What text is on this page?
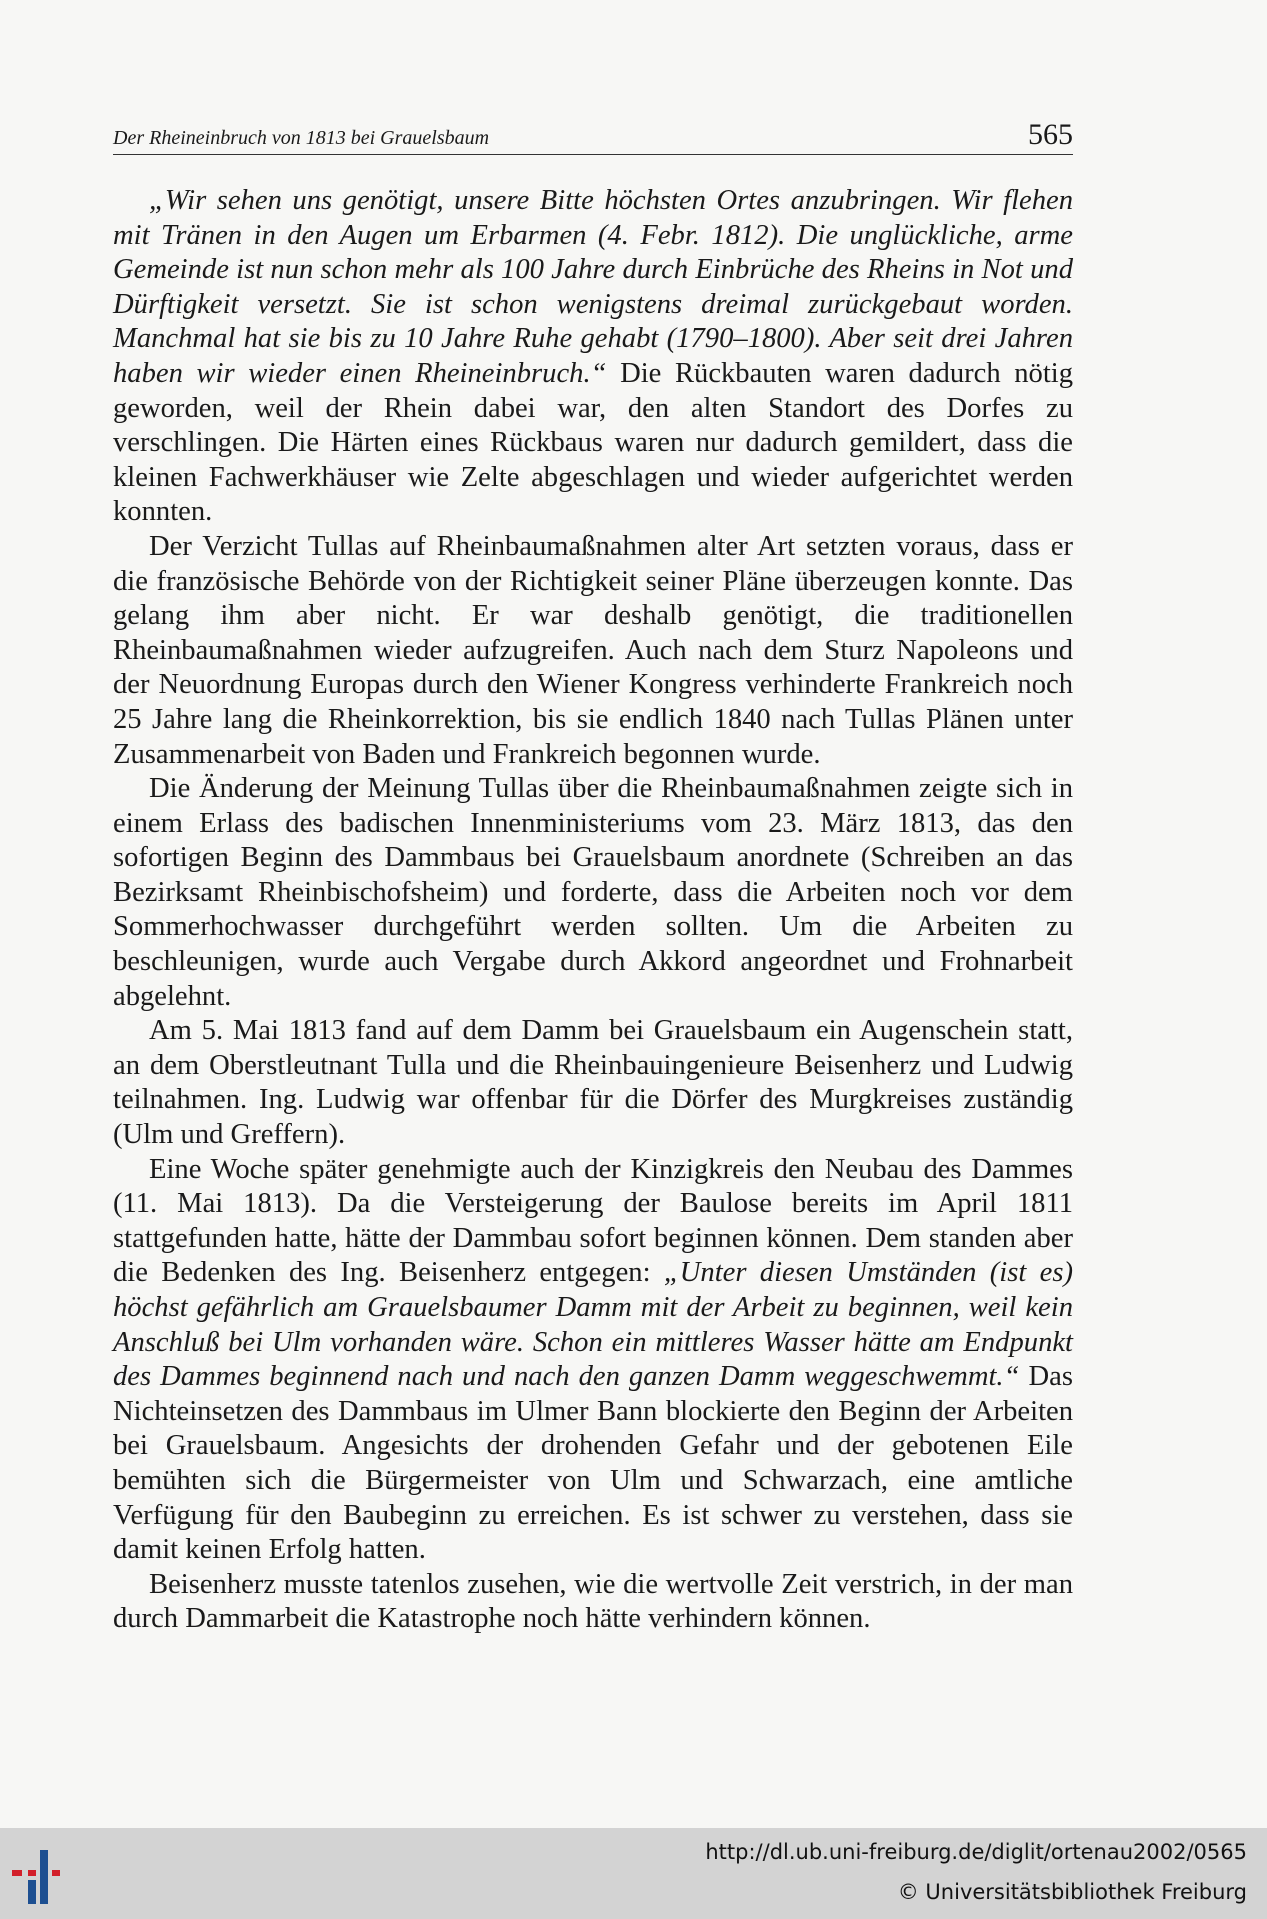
Der Rheineinbruch von 1813 bei Grauelsbaum	565

„Wir sehen uns genötigt, unsere Bitte höchsten Ortes anzubringen. Wir flehen mit Tränen in den Augen um Erbarmen (4. Febr. 1812). Die unglückliche, arme Gemeinde ist nun schon mehr als 100 Jahre durch Einbrüche des Rheins in Not und Dürftigkeit versetzt. Sie ist schon wenigstens dreimal zurückgebaut worden. Manchmal hat sie bis zu 10 Jahre Ruhe gehabt (1790–1800). Aber seit drei Jahren haben wir wieder einen Rheineinbruch.“ Die Rückbauten waren dadurch nötig geworden, weil der Rhein dabei war, den alten Standort des Dorfes zu verschlingen. Die Härten eines Rückbaus waren nur dadurch gemildert, dass die kleinen Fachwerkhäuser wie Zelte abgeschlagen und wieder aufgerichtet werden konnten.

Der Verzicht Tullas auf Rheinbaumaßnahmen alter Art setzten voraus, dass er die französische Behörde von der Richtigkeit seiner Pläne überzeugen konnte. Das gelang ihm aber nicht. Er war deshalb genötigt, die traditionellen Rheinbaumaßnahmen wieder aufzugreifen. Auch nach dem Sturz Napoleons und der Neuordnung Europas durch den Wiener Kongress verhinderte Frankreich noch 25 Jahre lang die Rheinkorrektion, bis sie endlich 1840 nach Tullas Plänen unter Zusammenarbeit von Baden und Frankreich begonnen wurde.

Die Änderung der Meinung Tullas über die Rheinbaumaßnahmen zeigte sich in einem Erlass des badischen Innenministeriums vom 23. März 1813, das den sofortigen Beginn des Dammbaus bei Grauelsbaum anordnete (Schreiben an das Bezirksamt Rheinbischofsheim) und forderte, dass die Arbeiten noch vor dem Sommerhochwasser durchgeführt werden sollten. Um die Arbeiten zu beschleunigen, wurde auch Vergabe durch Akkord angeordnet und Frohnarbeit abgelehnt.

Am 5. Mai 1813 fand auf dem Damm bei Grauelsbaum ein Augenschein statt, an dem Oberstleutnant Tulla und die Rheinbauingenieure Beisenherz und Ludwig teilnahmen. Ing. Ludwig war offenbar für die Dörfer des Murgkreises zuständig (Ulm und Greffern).

Eine Woche später genehmigte auch der Kinzigkreis den Neubau des Dammes (11. Mai 1813). Da die Versteigerung der Baulose bereits im April 1811 stattgefunden hatte, hätte der Dammbau sofort beginnen können. Dem standen aber die Bedenken des Ing. Beisenherz entgegen: „Unter diesen Umständen (ist es) höchst gefährlich am Grauelsbaumer Damm mit der Arbeit zu beginnen, weil kein Anschluß bei Ulm vorhanden wäre. Schon ein mittleres Wasser hätte am Endpunkt des Dammes beginnend nach und nach den ganzen Damm weggeschwemmt.“ Das Nichteinsetzen des Dammbaus im Ulmer Bann blockierte den Beginn der Arbeiten bei Grauelsbaum. Angesichts der drohenden Gefahr und der gebotenen Eile bemühten sich die Bürgermeister von Ulm und Schwarzach, eine amtliche Verfügung für den Baubeginn zu erreichen. Es ist schwer zu verstehen, dass sie damit keinen Erfolg hatten.

Beisenherz musste tatenlos zusehen, wie die wertvolle Zeit verstrich, in der man durch Dammarbeit die Katastrophe noch hätte verhindern können.

http://dl.ub.uni-freiburg.de/diglit/ortenau2002/0565
© Universitätsbibliothek Freiburg
